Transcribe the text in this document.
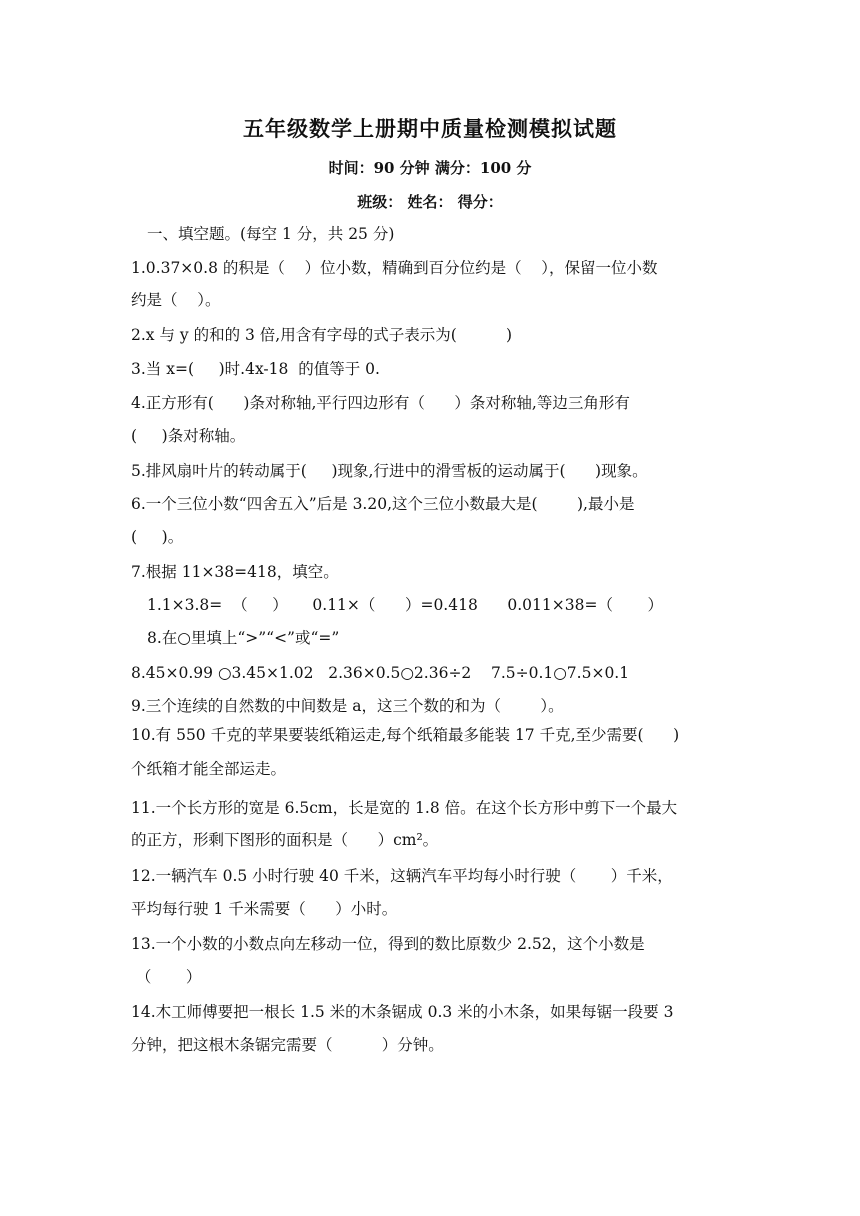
五年级数学上册期中质量检测模拟试题
时间：90 分钟 满分：100 分
班级： 姓名： 得分：
一、填空题。(每空 1 分，共 25 分)
1.0.37×0.8 的积是（    ）位小数，精确到百分位约是（    ），保留一位小数
约是（    ）。
2.x 与 y 的和的 3 倍,用含有字母的式子表示为(          )
3.当 x=(     )时.4x-18  的值等于 0.
4.正方形有(      )条对称轴,平行四边形有（      ）条对称轴,等边三角形有
(     )条对称轴。
5.排风扇叶片的转动属于(     )现象,行进中的滑雪板的运动属于(      )现象。
6.一个三位小数“四舍五入”后是 3.20,这个三位小数最大是(        ),最小是
(     )。
7.根据 11×38=418，填空。
1.1×3.8=  （     ）     0.11×（      ）=0.418      0.011×38=（       ）
8.在○里填上“>”“<”或“=”
8.45×0.99 ○3.45×1.02   2.36×0.5○2.36÷2    7.5÷0.1○7.5×0.1
9.三个连续的自然数的中间数是 a，这三个数的和为（        ）。
10.有 550 千克的苹果要装纸箱运走,每个纸箱最多能装 17 千克,至少需要(      )
个纸箱才能全部运走。
11.一个长方形的宽是 6.5cm，长是宽的 1.8 倍。在这个长方形中剪下一个最大
的正方，形剩下图形的面积是（      ）cm²。
12.一辆汽车 0.5 小时行驶 40 千米，这辆汽车平均每小时行驶（       ）千米，
平均每行驶 1 千米需要（      ）小时。
13.一个小数的小数点向左移动一位，得到的数比原数少 2.52，这个小数是
（       ）
14.木工师傅要把一根长 1.5 米的木条锯成 0.3 米的小木条，如果每锯一段要 3
分钟，把这根木条锯完需要（          ）分钟。
